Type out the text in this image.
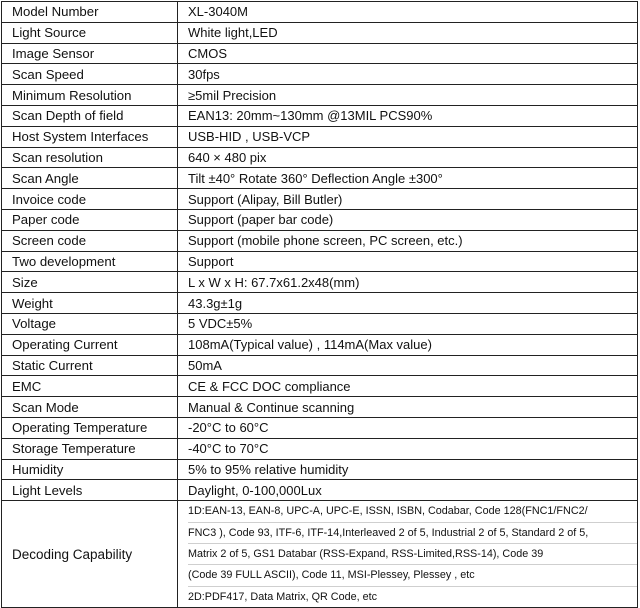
Model Number	XL-3040M
Light Source	White light,LED
Image Sensor	CMOS
Scan Speed	30fps
Minimum Resolution	≥5mil Precision
Scan Depth of field	EAN13: 20mm~130mm @13MIL PCS90%
Host System Interfaces	USB-HID , USB-VCP
Scan resolution	640 × 480 pix
Scan Angle	Tilt ±40° Rotate 360° Deflection Angle ±300°
Invoice code	Support (Alipay, Bill Butler)
Paper code	Support (paper bar code)
Screen code	Support (mobile phone screen, PC screen, etc.)
Two development	Support
Size	L x W x H: 67.7x61.2x48(mm)
Weight	43.3g±1g
Voltage	5 VDC±5%
Operating Current	108mA(Typical value) , 114mA(Max value)
Static Current	50mA
EMC	CE & FCC DOC compliance
Scan Mode	Manual & Continue scanning
Operating Temperature	-20°C to 60°C
Storage Temperature	-40°C to 70°C
Humidity	5% to 95% relative humidity
Light Levels	Daylight, 0-100,000Lux
Decoding Capability	1D:EAN-13, EAN-8, UPC-A, UPC-E, ISSN, ISBN, Codabar, Code 128(FNC1/FNC2/
FNC3 ), Code 93, ITF-6, ITF-14,Interleaved 2 of 5, Industrial 2 of 5, Standard 2 of 5,
Matrix 2 of 5, GS1 Databar (RSS-Expand, RSS-Limited,RSS-14), Code 39
(Code 39 FULL ASCII), Code 11, MSI-Plessey, Plessey , etc
2D:PDF417, Data Matrix, QR Code, etc
